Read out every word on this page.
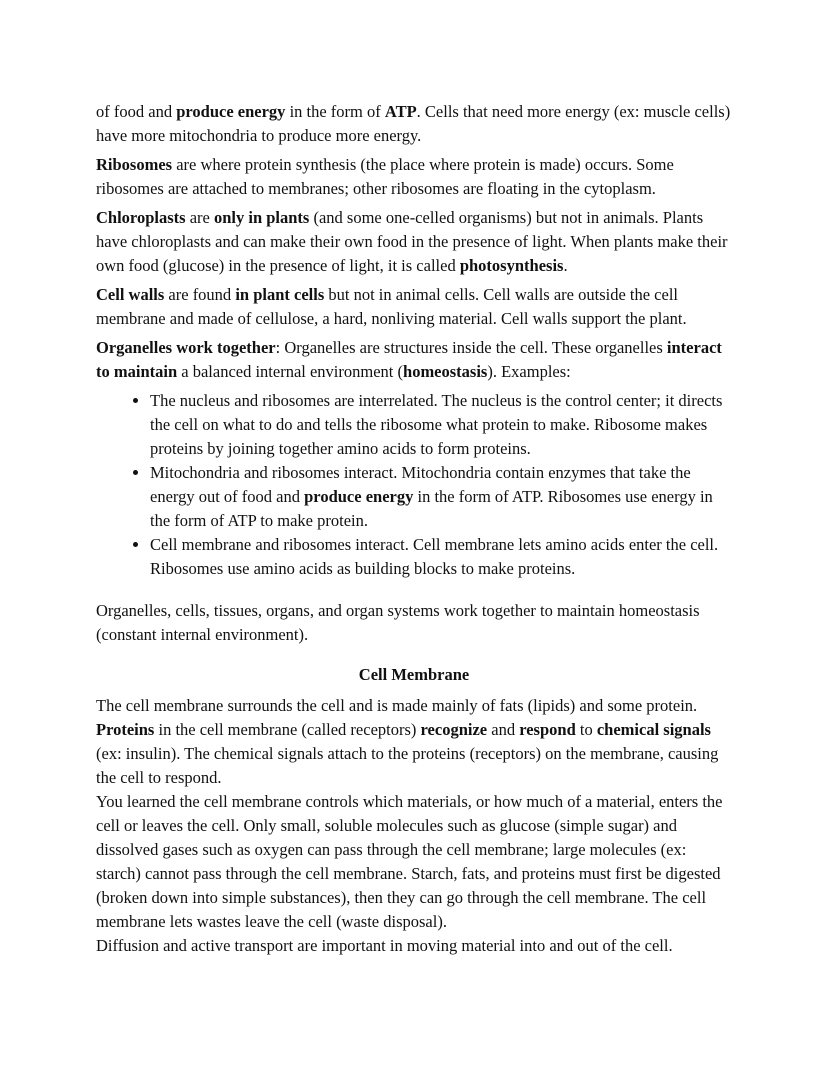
of food and produce energy in the form of ATP. Cells that need more energy (ex: muscle cells) have more mitochondria to produce more energy.

Ribosomes are where protein synthesis (the place where protein is made) occurs. Some ribosomes are attached to membranes; other ribosomes are floating in the cytoplasm.

Chloroplasts are only in plants (and some one-celled organisms) but not in animals. Plants have chloroplasts and can make their own food in the presence of light. When plants make their own food (glucose) in the presence of light, it is called photosynthesis.

Cell walls are found in plant cells but not in animal cells. Cell walls are outside the cell membrane and made of cellulose, a hard, nonliving material. Cell walls support the plant.

Organelles work together: Organelles are structures inside the cell. These organelles interact to maintain a balanced internal environment (homeostasis). Examples:

• The nucleus and ribosomes are interrelated. The nucleus is the control center; it directs the cell on what to do and tells the ribosome what protein to make. Ribosome makes proteins by joining together amino acids to form proteins.
• Mitochondria and ribosomes interact. Mitochondria contain enzymes that take the energy out of food and produce energy in the form of ATP. Ribosomes use energy in the form of ATP to make protein.
• Cell membrane and ribosomes interact. Cell membrane lets amino acids enter the cell. Ribosomes use amino acids as building blocks to make proteins.

Organelles, cells, tissues, organs, and organ systems work together to maintain homeostasis (constant internal environment).

Cell Membrane

The cell membrane surrounds the cell and is made mainly of fats (lipids) and some protein. Proteins in the cell membrane (called receptors) recognize and respond to chemical signals (ex: insulin). The chemical signals attach to the proteins (receptors) on the membrane, causing the cell to respond.

You learned the cell membrane controls which materials, or how much of a material, enters the cell or leaves the cell. Only small, soluble molecules such as glucose (simple sugar) and dissolved gases such as oxygen can pass through the cell membrane; large molecules (ex: starch) cannot pass through the cell membrane. Starch, fats, and proteins must first be digested (broken down into simple substances), then they can go through the cell membrane. The cell membrane lets wastes leave the cell (waste disposal).

Diffusion and active transport are important in moving material into and out of the cell.
